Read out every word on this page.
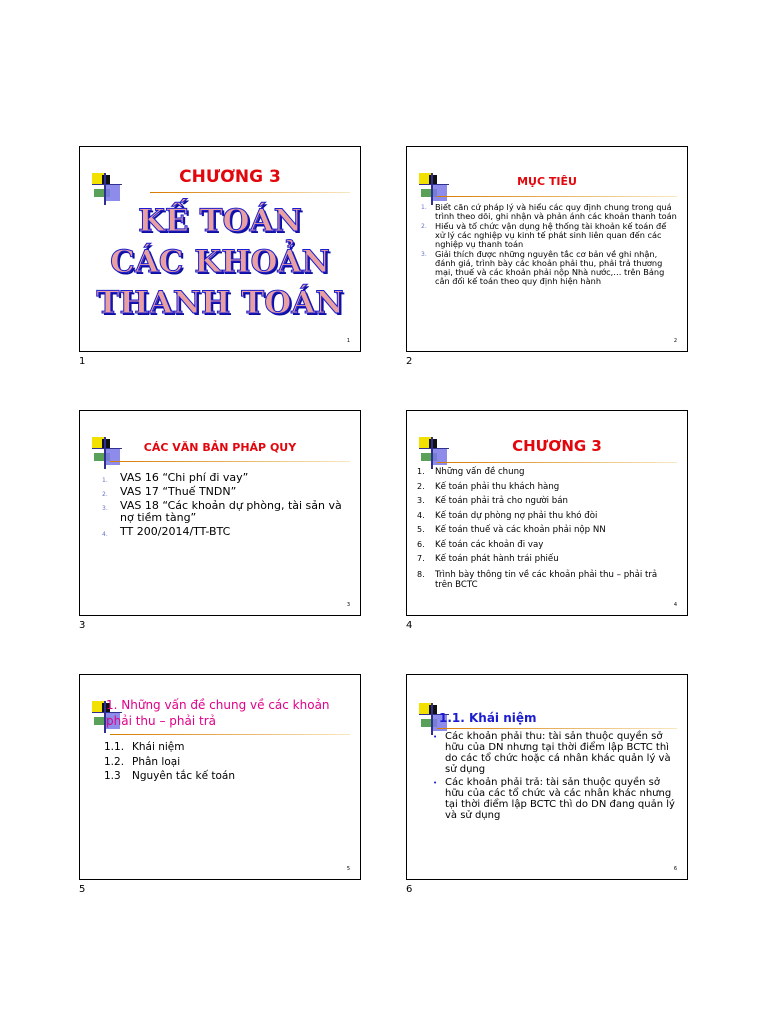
CHƯƠNG 3
KẾ TOÁN
CÁC KHOẢN
THANH TOÁN
1
1
MỤC TIÊU
1. Biết căn cứ pháp lý và hiểu các quy định chung trong quá trình theo dõi, ghi nhận và phản ánh các khoản thanh toán
2. Hiểu và tổ chức vận dụng hệ thống tài khoản kế toán để xử lý các nghiệp vụ kinh tế phát sinh liên quan đến các nghiệp vụ thanh toán
3. Giải thích được những nguyên tắc cơ bản về ghi nhận, đánh giá, trình bày các khoản phải thu, phải trả thương mại, thuế và các khoản phải nộp Nhà nước,… trên Bảng cân đối kế toán theo quy định hiện hành
2
2
CÁC VĂN BẢN PHÁP QUY
1. VAS 16 “Chi phí đi vay”
2. VAS 17 “Thuế TNDN”
3. VAS 18 “Các khoản dự phòng, tài sản và nợ tiềm tàng”
4. TT 200/2014/TT-BTC
3
3
CHƯƠNG 3
1. Những vấn đề chung
2. Kế toán phải thu khách hàng
3. Kế toán phải trả cho người bán
4. Kế toán dự phòng nợ phải thu khó đòi
5. Kế toán thuế và các khoản phải nộp NN
6. Kế toán các khoản đi vay
7. Kế toán phát hành trái phiếu
8. Trình bày thông tin về các khoản phải thu – phải trả trên BCTC
4
4
1. Những vấn đề chung về các khoản phải thu – phải trả
1.1. Khái niệm
1.2. Phân loại
1.3 Nguyên tắc kế toán
5
5
1.1. Khái niệm
• Các khoản phải thu: tài sản thuộc quyền sở hữu của DN nhưng tại thời điểm lập BCTC thì do các tổ chức hoặc cá nhân khác quản lý và sử dụng
• Các khoản phải trả: tài sản thuộc quyền sở hữu của các tổ chức và các nhân khác nhưng tại thời điểm lập BCTC thì do DN đang quản lý và sử dụng
6
6
